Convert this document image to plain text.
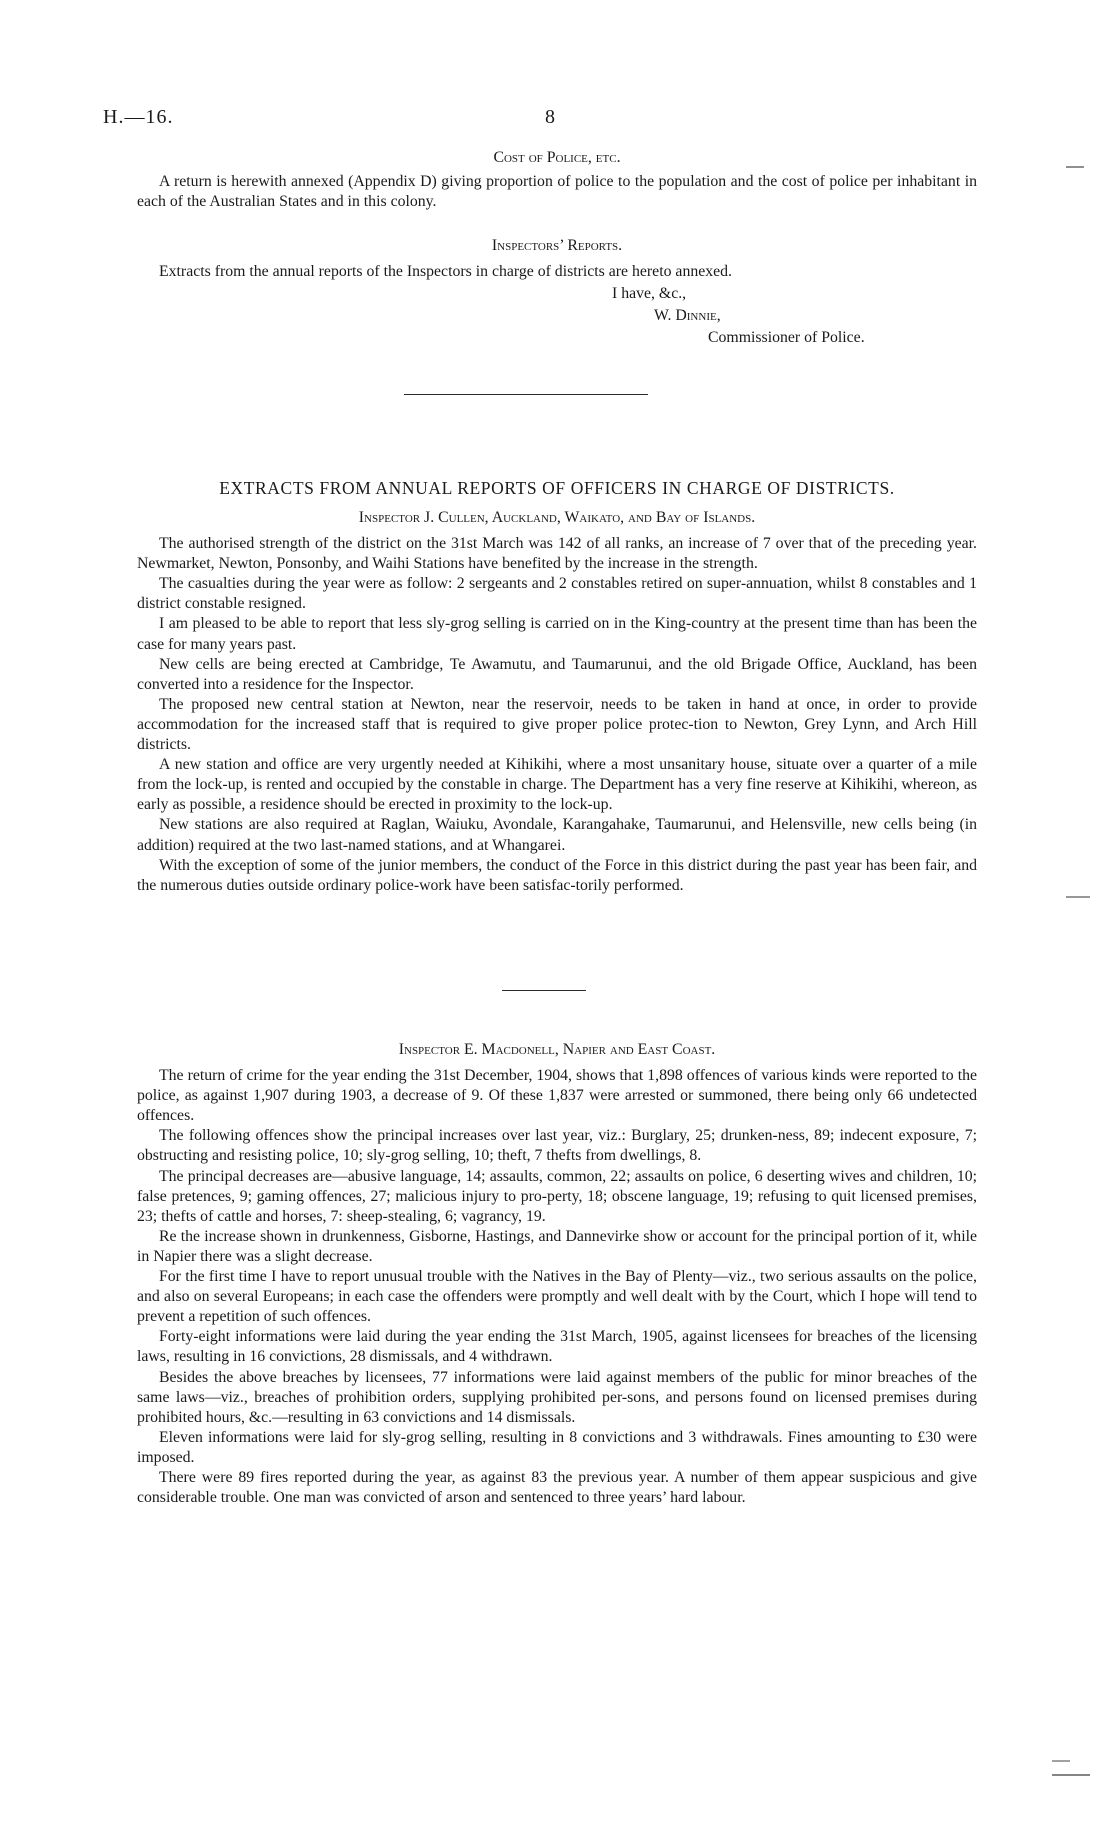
H.—16.	8
Cost of Police, etc.

A return is herewith annexed (Appendix D) giving proportion of police to the population and the cost of police per inhabitant in each of the Australian States and in this colony.

Inspectors’ Reports.

Extracts from the annual reports of the Inspectors in charge of districts are hereto annexed.

I have, &c.,
W. Dinnie,
Commissioner of Police.
EXTRACTS FROM ANNUAL REPORTS OF OFFICERS IN CHARGE OF DISTRICTS.
Inspector J. Cullen, Auckland, Waikato, and Bay of Islands.

The authorised strength of the district on the 31st March was 142 of all ranks, an increase of 7 over that of the preceding year. Newmarket, Newton, Ponsonby, and Waihi Stations have benefited by the increase in the strength.

The casualties during the year were as follow: 2 sergeants and 2 constables retired on super-annuation, whilst 8 constables and 1 district constable resigned.

I am pleased to be able to report that less sly-grog selling is carried on in the King-country at the present time than has been the case for many years past.

New cells are being erected at Cambridge, Te Awamutu, and Taumarunui, and the old Brigade Office, Auckland, has been converted into a residence for the Inspector.

The proposed new central station at Newton, near the reservoir, needs to be taken in hand at once, in order to provide accommodation for the increased staff that is required to give proper police protec-tion to Newton, Grey Lynn, and Arch Hill districts.

A new station and office are very urgently needed at Kihikihi, where a most unsanitary house, situate over a quarter of a mile from the lock-up, is rented and occupied by the constable in charge. The Department has a very fine reserve at Kihikihi, whereon, as early as possible, a residence should be erected in proximity to the lock-up.

New stations are also required at Raglan, Waiuku, Avondale, Karangahake, Taumarunui, and Helensville, new cells being (in addition) required at the two last-named stations, and at Whangarei.

With the exception of some of the junior members, the conduct of the Force in this district during the past year has been fair, and the numerous duties outside ordinary police-work have been satisfac-torily performed.

Inspector E. Macdonell, Napier and East Coast.

The return of crime for the year ending the 31st December, 1904, shows that 1,898 offences of various kinds were reported to the police, as against 1,907 during 1903, a decrease of 9. Of these 1,837 were arrested or summoned, there being only 66 undetected offences.

The following offences show the principal increases over last year, viz.: Burglary, 25; drunken-ness, 89; indecent exposure, 7; obstructing and resisting police, 10; sly-grog selling, 10; theft, 7 thefts from dwellings, 8.

The principal decreases are—abusive language, 14; assaults, common, 22; assaults on police, 6 deserting wives and children, 10; false pretences, 9; gaming offences, 27; malicious injury to pro-perty, 18; obscene language, 19; refusing to quit licensed premises, 23; thefts of cattle and horses, 7: sheep-stealing, 6; vagrancy, 19.

Re the increase shown in drunkenness, Gisborne, Hastings, and Dannevirke show or account for the principal portion of it, while in Napier there was a slight decrease.

For the first time I have to report unusual trouble with the Natives in the Bay of Plenty—viz., two serious assaults on the police, and also on several Europeans; in each case the offenders were promptly and well dealt with by the Court, which I hope will tend to prevent a repetition of such offences.

Forty-eight informations were laid during the year ending the 31st March, 1905, against licensees for breaches of the licensing laws, resulting in 16 convictions, 28 dismissals, and 4 withdrawn.

Besides the above breaches by licensees, 77 informations were laid against members of the public for minor breaches of the same laws—viz., breaches of prohibition orders, supplying prohibited per-sons, and persons found on licensed premises during prohibited hours, &c.—resulting in 63 convictions and 14 dismissals.

Eleven informations were laid for sly-grog selling, resulting in 8 convictions and 3 withdrawals. Fines amounting to £30 were imposed.

There were 89 fires reported during the year, as against 83 the previous year. A number of them appear suspicious and give considerable trouble. One man was convicted of arson and sentenced to three years’ hard labour.
